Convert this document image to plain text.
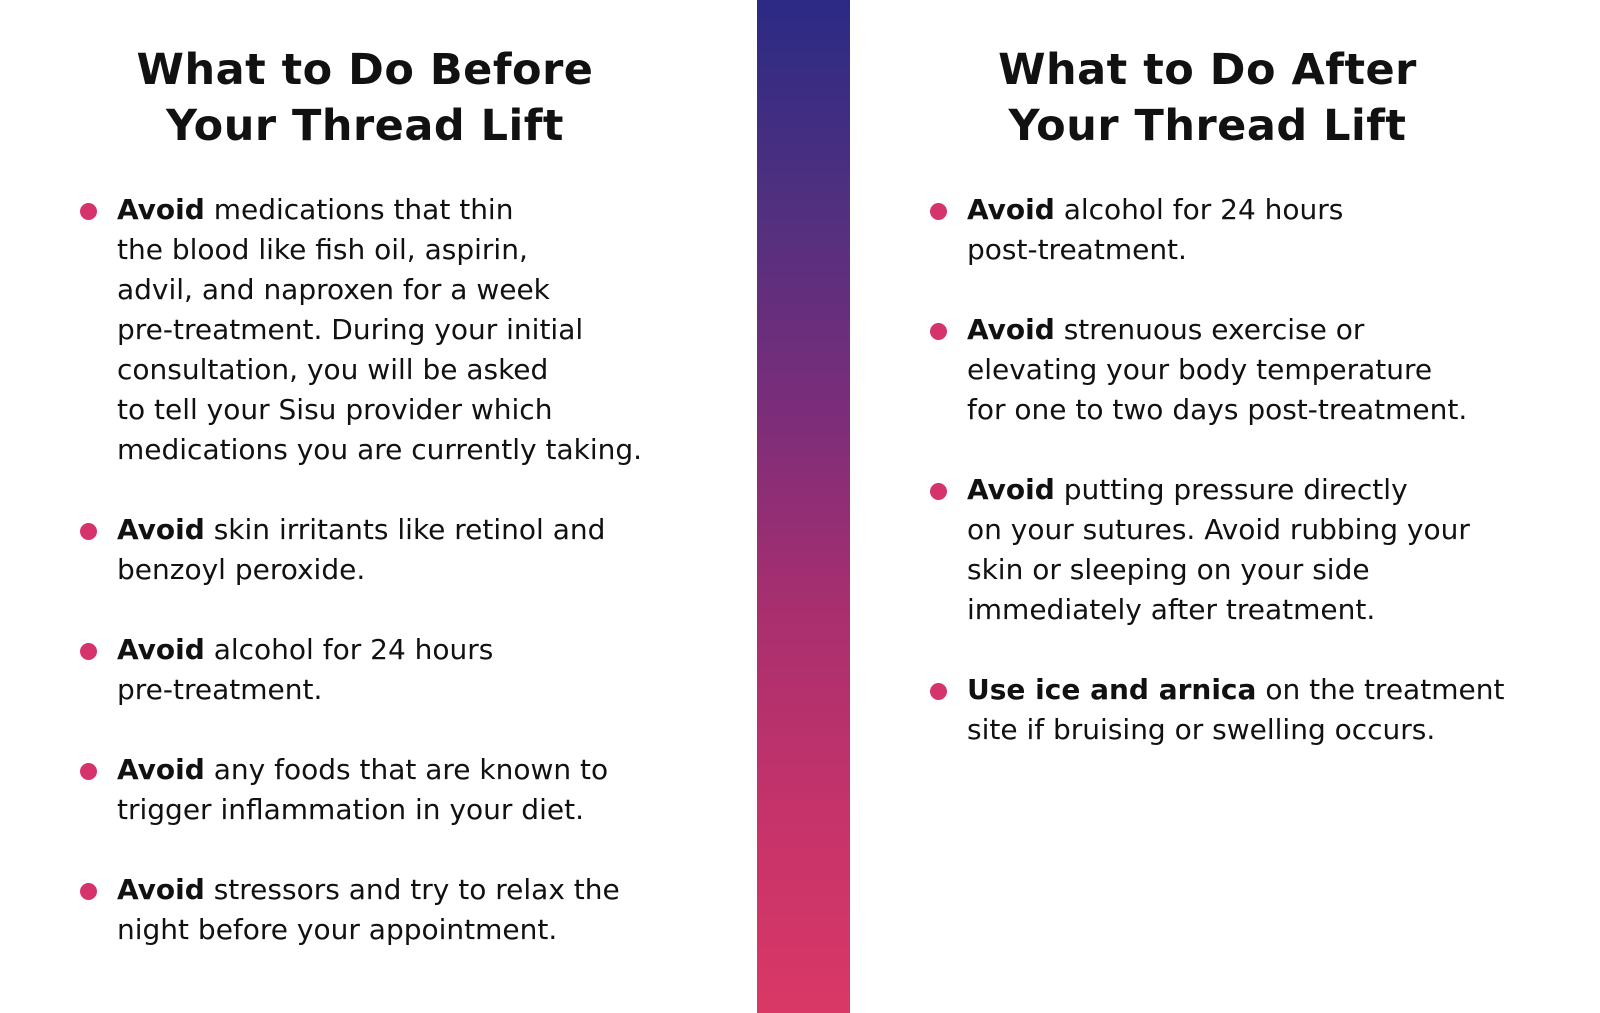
What to Do Before
Your Thread Lift
Avoid medications that thin
the blood like fish oil, aspirin,
advil, and naproxen for a week
pre-treatment. During your initial
consultation, you will be asked
to tell your Sisu provider which
medications you are currently taking.
Avoid skin irritants like retinol and
benzoyl peroxide.
Avoid alcohol for 24 hours
pre-treatment.
Avoid any foods that are known to
trigger inflammation in your diet.
Avoid stressors and try to relax the
night before your appointment.
What to Do After
Your Thread Lift
Avoid alcohol for 24 hours
post-treatment.
Avoid strenuous exercise or
elevating your body temperature
for one to two days post-treatment.
Avoid putting pressure directly
on your sutures. Avoid rubbing your
skin or sleeping on your side
immediately after treatment.
Use ice and arnica on the treatment
site if bruising or swelling occurs.
